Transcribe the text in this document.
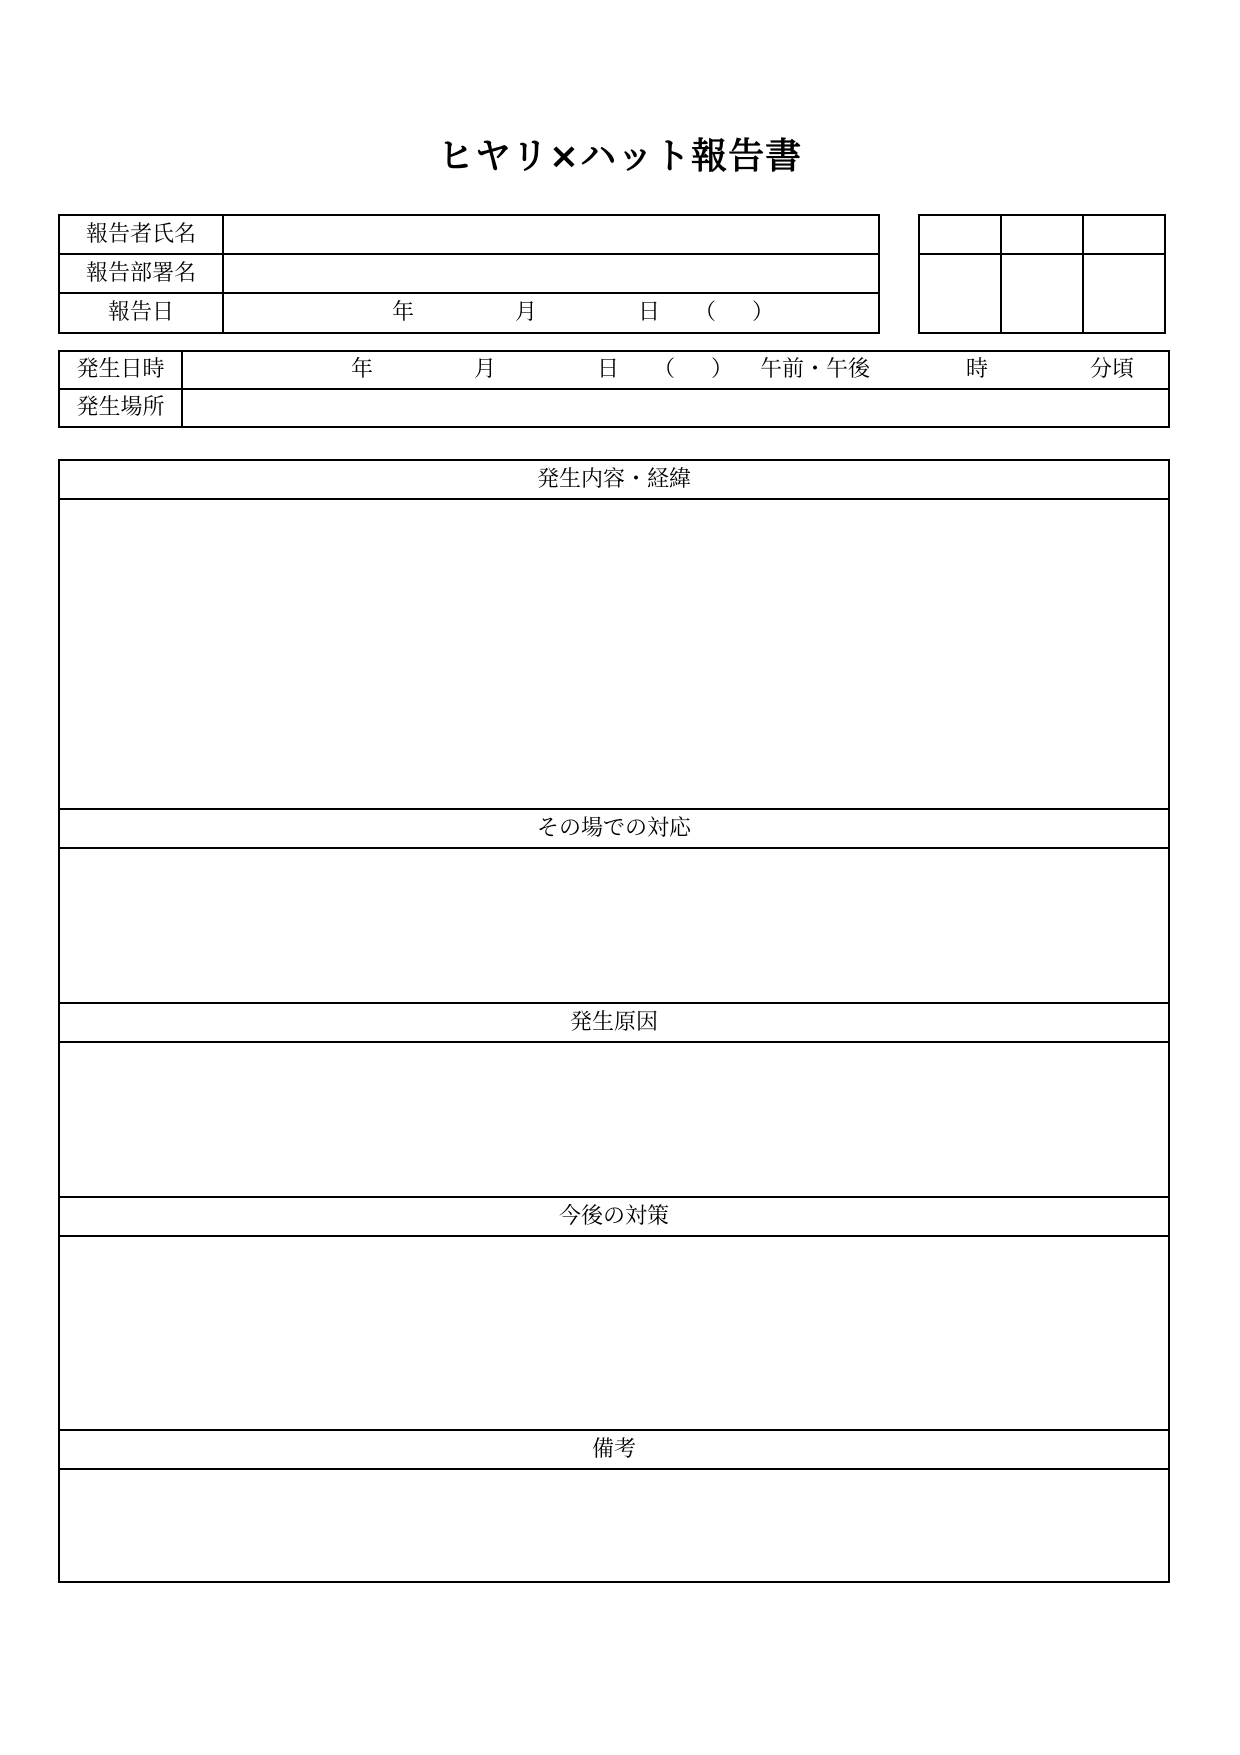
ヒヤリ×ハット報告書
報告者氏名
報告部署名
報告日	年	月	日 （ ）
発生日時	年	月	日 （ ） 午前・午後	時	分頃
発生場所
発生内容・経緯
その場での対応
発生原因
今後の対策
備考
